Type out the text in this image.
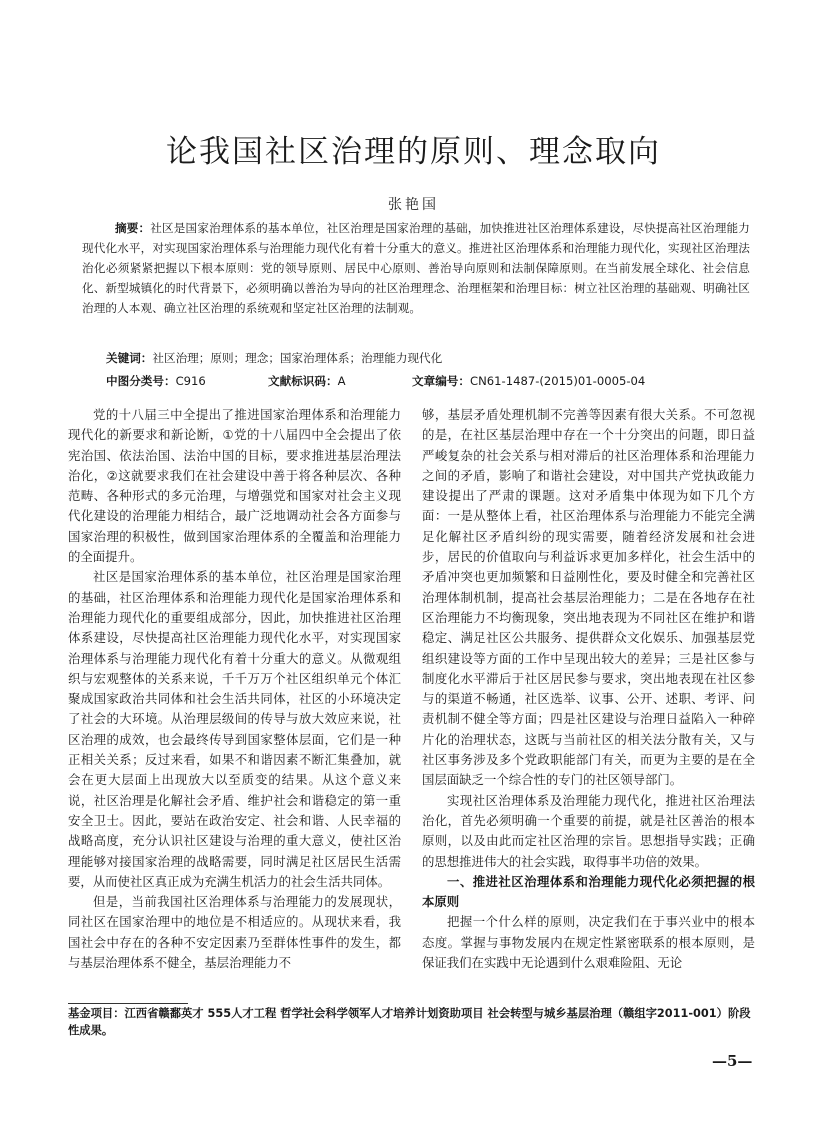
论我国社区治理的原则、理念取向
张艳国
摘要：社区是国家治理体系的基本单位，社区治理是国家治理的基础，加快推进社区治理体系建设，尽快提高社区治理能力现代化水平，对实现国家治理体系与治理能力现代化有着十分重大的意义。推进社区治理体系和治理能力现代化，实现社区治理法治化必须紧紧把握以下根本原则：党的领导原则、居民中心原则、善治导向原则和法制保障原则。在当前发展全球化、社会信息化、新型城镇化的时代背景下，必须明确以善治为导向的社区治理理念、治理框架和治理目标：树立社区治理的基础观、明确社区治理的人本观、确立社区治理的系统观和坚定社区治理的法制观。
关键词：社区治理；原则；理念；国家治理体系；治理能力现代化
中图分类号：C916	文献标识码：A	文章编号：CN61-1487-(2015)01-0005-04

党的十八届三中全提出了推进国家治理体系和治理能力现代化的新要求和新论断，①党的十八届四中全会提出了依宪治国、依法治国、法治中国的目标，要求推进基层治理法治化，②这就要求我们在社会建设中善于将各种层次、各种范畴、各种形式的多元治理，与增强党和国家对社会主义现代化建设的治理能力相结合，最广泛地调动社会各方面参与国家治理的积极性，做到国家治理体系的全覆盖和治理能力的全面提升。

社区是国家治理体系的基本单位，社区治理是国家治理的基础，社区治理体系和治理能力现代化是国家治理体系和治理能力现代化的重要组成部分，因此，加快推进社区治理体系建设，尽快提高社区治理能力现代化水平，对实现国家治理体系与治理能力现代化有着十分重大的意义。从微观组织与宏观整体的关系来说，千千万万个社区组织单元个体汇聚成国家政治共同体和社会生活共同体，社区的小环境决定了社会的大环境。从治理层级间的传导与放大效应来说，社区治理的成效，也会最终传导到国家整体层面，它们是一种正相关关系；反过来看，如果不和谐因素不断汇集叠加，就会在更大层面上出现放大以至质变的结果。从这个意义来说，社区治理是化解社会矛盾、维护社会和谐稳定的第一重安全卫士。因此，要站在政治安定、社会和谐、人民幸福的战略高度，充分认识社区建设与治理的重大意义，使社区治理能够对接国家治理的战略需要，同时满足社区居民生活需要，从而使社区真正成为充满生机活力的社会生活共同体。

但是，当前我国社区治理体系与治理能力的发展现状，同社区在国家治理中的地位是不相适应的。从现状来看，我国社会中存在的各种不安定因素乃至群体性事件的发生，都与基层治理体系不健全，基层治理能力不

够，基层矛盾处理机制不完善等因素有很大关系。不可忽视的是，在社区基层治理中存在一个十分突出的问题，即日益严峻复杂的社会关系与相对滞后的社区治理体系和治理能力之间的矛盾，影响了和谐社会建设，对中国共产党执政能力建设提出了严肃的课题。这对矛盾集中体现为如下几个方面：一是从整体上看，社区治理体系与治理能力不能完全满足化解社区矛盾纠纷的现实需要，随着经济发展和社会进步，居民的价值取向与利益诉求更加多样化，社会生活中的矛盾冲突也更加频繁和日益刚性化，要及时健全和完善社区治理体制机制，提高社会基层治理能力；二是在各地存在社区治理能力不均衡现象，突出地表现为不同社区在维护和谐稳定、满足社区公共服务、提供群众文化娱乐、加强基层党组织建设等方面的工作中呈现出较大的差异；三是社区参与制度化水平滞后于社区居民参与要求，突出地表现在社区参与的渠道不畅通，社区选举、议事、公开、述职、考评、问责机制不健全等方面；四是社区建设与治理日益陷入一种碎片化的治理状态，这既与当前社区的相关法分散有关，又与社区事务涉及多个党政职能部门有关，而更为主要的是在全国层面缺乏一个综合性的专门的社区领导部门。

实现社区治理体系及治理能力现代化，推进社区治理法治化，首先必须明确一个重要的前提，就是社区善治的根本原则，以及由此而定社区治理的宗旨。思想指导实践；正确的思想推进伟大的社会实践，取得事半功倍的效果。

一、推进社区治理体系和治理能力现代化必须把握的根本原则

把握一个什么样的原则，决定我们在于事兴业中的根本态度。掌握与事物发展内在规定性紧密联系的根本原则，是保证我们在实践中无论遇到什么艰难险阻、无论

基金项目：江西省赣鄱英才 555人才工程 哲学社会科学领军人才培养计划资助项目 社会转型与城乡基层治理（赣组字2011-001）阶段性成果。
—5—
